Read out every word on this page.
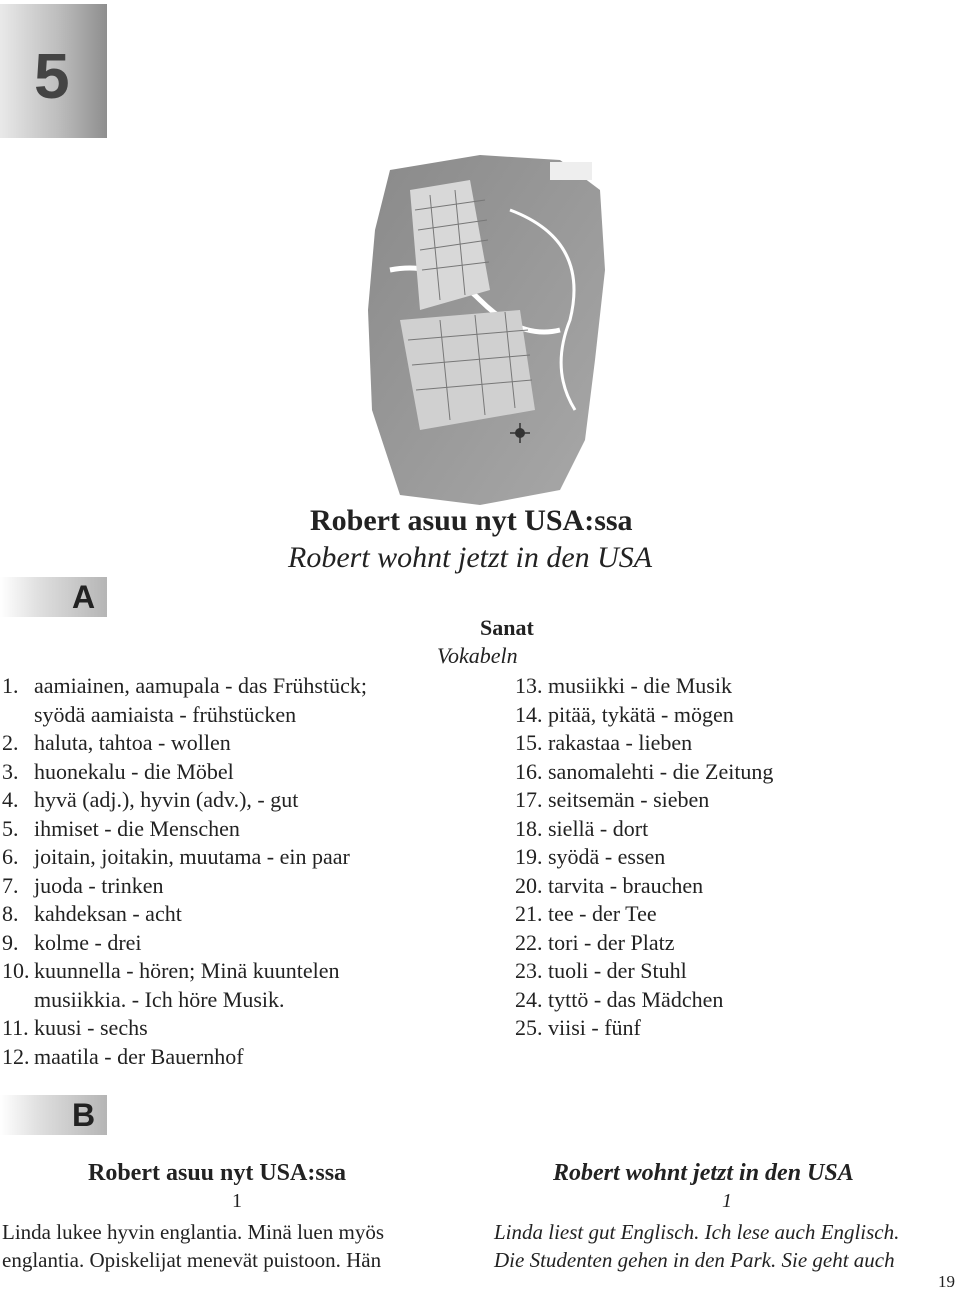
5
Robert asuu nyt USA:ssa
Robert wohnt jetzt in den USA
A
Sanat
Vokabeln
1. aamiainen, aamupala - das Frühstück;
syödä aamiaista - frühstücken
2. haluta, tahtoa - wollen
3. huonekalu - die Möbel
4. hyvä (adj.), hyvin (adv.), - gut
5. ihmiset - die Menschen
6. joitain, joitakin, muutama - ein paar
7. juoda - trinken
8. kahdeksan - acht
9. kolme - drei
10. kuunnella - hören; Minä kuuntelen
musiikkia. - Ich höre Musik.
11. kuusi - sechs
12. maatila - der Bauernhof
13. musiikki - die Musik
14. pitää, tykätä - mögen
15. rakastaa - lieben
16. sanomalehti - die Zeitung
17. seitsemän - sieben
18. siellä - dort
19. syödä - essen
20. tarvita - brauchen
21. tee - der Tee
22. tori - der Platz
23. tuoli - der Stuhl
24. tyttö - das Mädchen
25. viisi - fünf
B
Robert asuu nyt USA:ssa	Robert wohnt jetzt in den USA
1	1
Linda lukee hyvin englantia. Minä luen myös
englantia. Opiskelijat menevät puistoon. Hän
Linda liest gut Englisch. Ich lese auch Englisch.
Die Studenten gehen in den Park. Sie geht auch
19
